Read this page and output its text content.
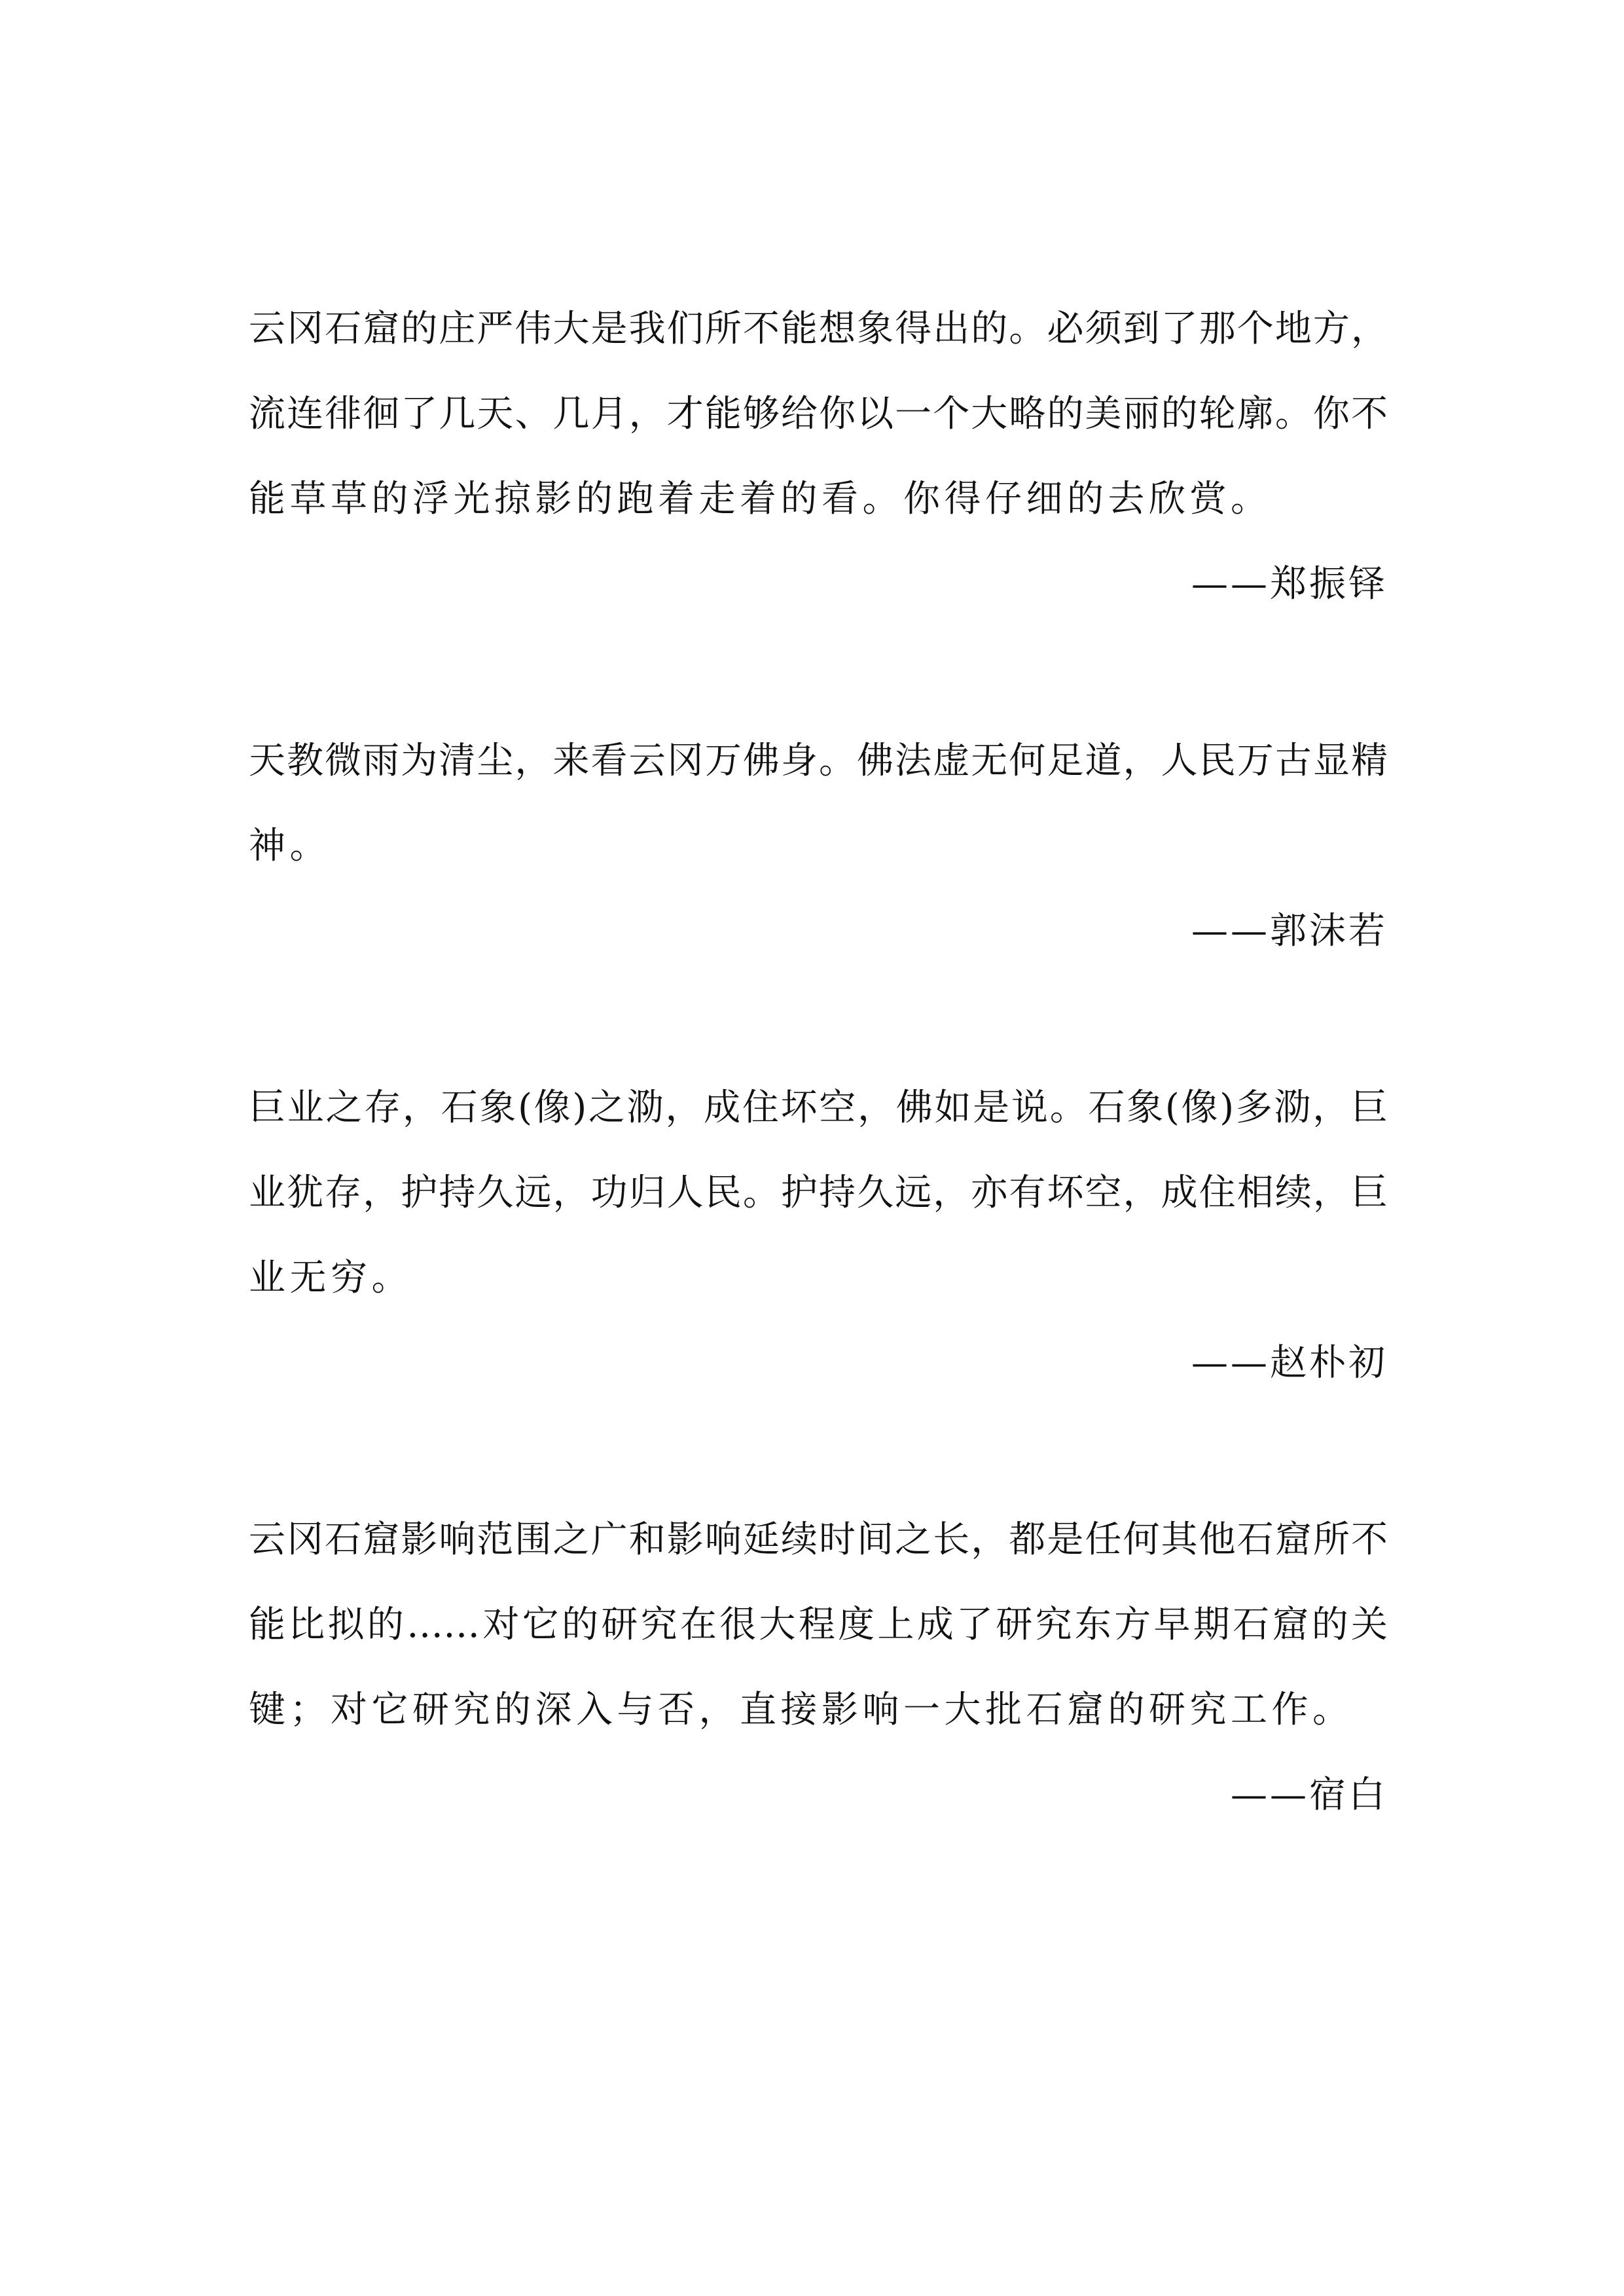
云冈石窟的庄严伟大是我们所不能想象得出的。必须到了那个地方，
流连徘徊了几天、几月，才能够给你以一个大略的美丽的轮廓。你不
能草草的浮光掠影的跑着走着的看。你得仔细的去欣赏。
——郑振铎
天教微雨为清尘，来看云冈万佛身。佛法虚无何足道，人民万古显精
神。
——郭沫若
巨业之存，石象(像)之泐，成住坏空，佛如是说。石象(像)多泐，巨
业犹存，护持久远，功归人民。护持久远，亦有坏空，成住相续，巨
业无穷。
——赵朴初
云冈石窟影响范围之广和影响延续时间之长，都是任何其他石窟所不
能比拟的……对它的研究在很大程度上成了研究东方早期石窟的关
键；对它研究的深入与否，直接影响一大批石窟的研究工作。
——宿白
